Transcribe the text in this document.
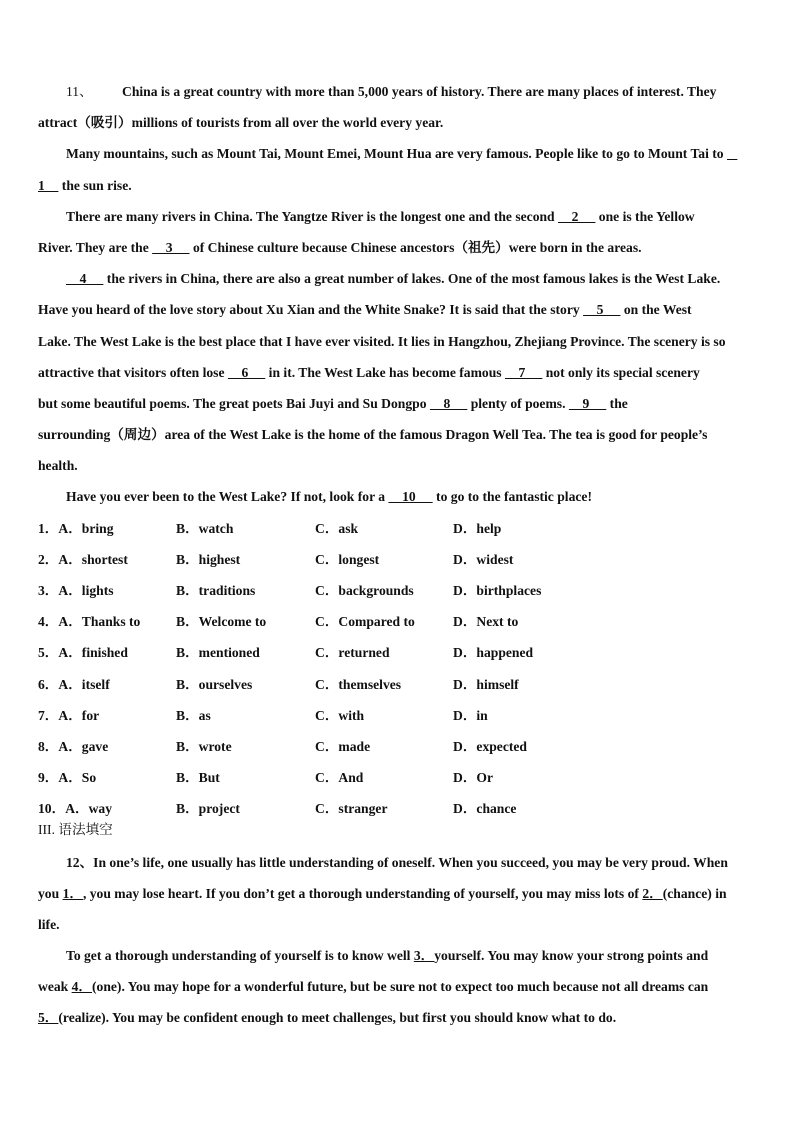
11、 China is a great country with more than 5,000 years of history. There are many places of interest. They
attract（吸引）millions of tourists from all over the world every year.
Many mountains, such as Mount Tai, Mount Emei, Mount Hua are very famous. People like to go to Mount Tai to  _
1     the sun rise.
There are many rivers in China. The Yangtze River is the longest one and the second     2      one is the Yellow
River. They are the     3      of Chinese culture because Chinese ancestors（祖先）were born in the areas.
4      the rivers in China, there are also a great number of lakes. One of the most famous lakes is the West Lake.
Have you heard of the love story about Xu Xian and the White Snake? It is said that the story     5      on the West
Lake. The West Lake is the best place that I have ever visited. It lies in Hangzhou, Zhejiang Province. The scenery is so
attractive that visitors often lose     6      in it. The West Lake has become famous     7      not only its special scenery
but some beautiful poems. The great poets Bai Juyi and Su Dongpo     8      plenty of poems.     9      the
surrounding（周边）area of the West Lake is the home of the famous Dragon Well Tea. The tea is good for people’s
health.
Have you ever been to the West Lake? If not, look for a     10      to go to the fantastic place!
1．A．bring	B．watch	C．ask	D．help
2．A．shortest	B．highest	C．longest	D．widest
3．A．lights	B．traditions	C．backgrounds	D．birthplaces
4．A．Thanks to	B．Welcome to	C．Compared to	D．Next to
5．A．finished	B．mentioned	C．returned	D．happened
6．A．itself	B．ourselves	C．themselves	D．himself
7．A．for	B．as	C．with	D．in
8．A．gave	B．wrote	C．made	D．expected
9．A．So	B．But	C．And	D．Or
10．A．way	B．project	C．stranger	D．chance
III. 语法填空
12、In one’s life, one usually has little understanding of oneself. When you succeed, you may be very proud. When
you 1．, you may lose heart. If you don’t get a thorough understanding of yourself, you may miss lots of 2．(chance) in
life.
To get a thorough understanding of yourself is to know well 3．yourself. You may know your strong points and
weak 4．(one). You may hope for a wonderful future, but be sure not to expect too much because not all dreams can
5．(realize). You may be confident enough to meet challenges, but first you should know what to do.
